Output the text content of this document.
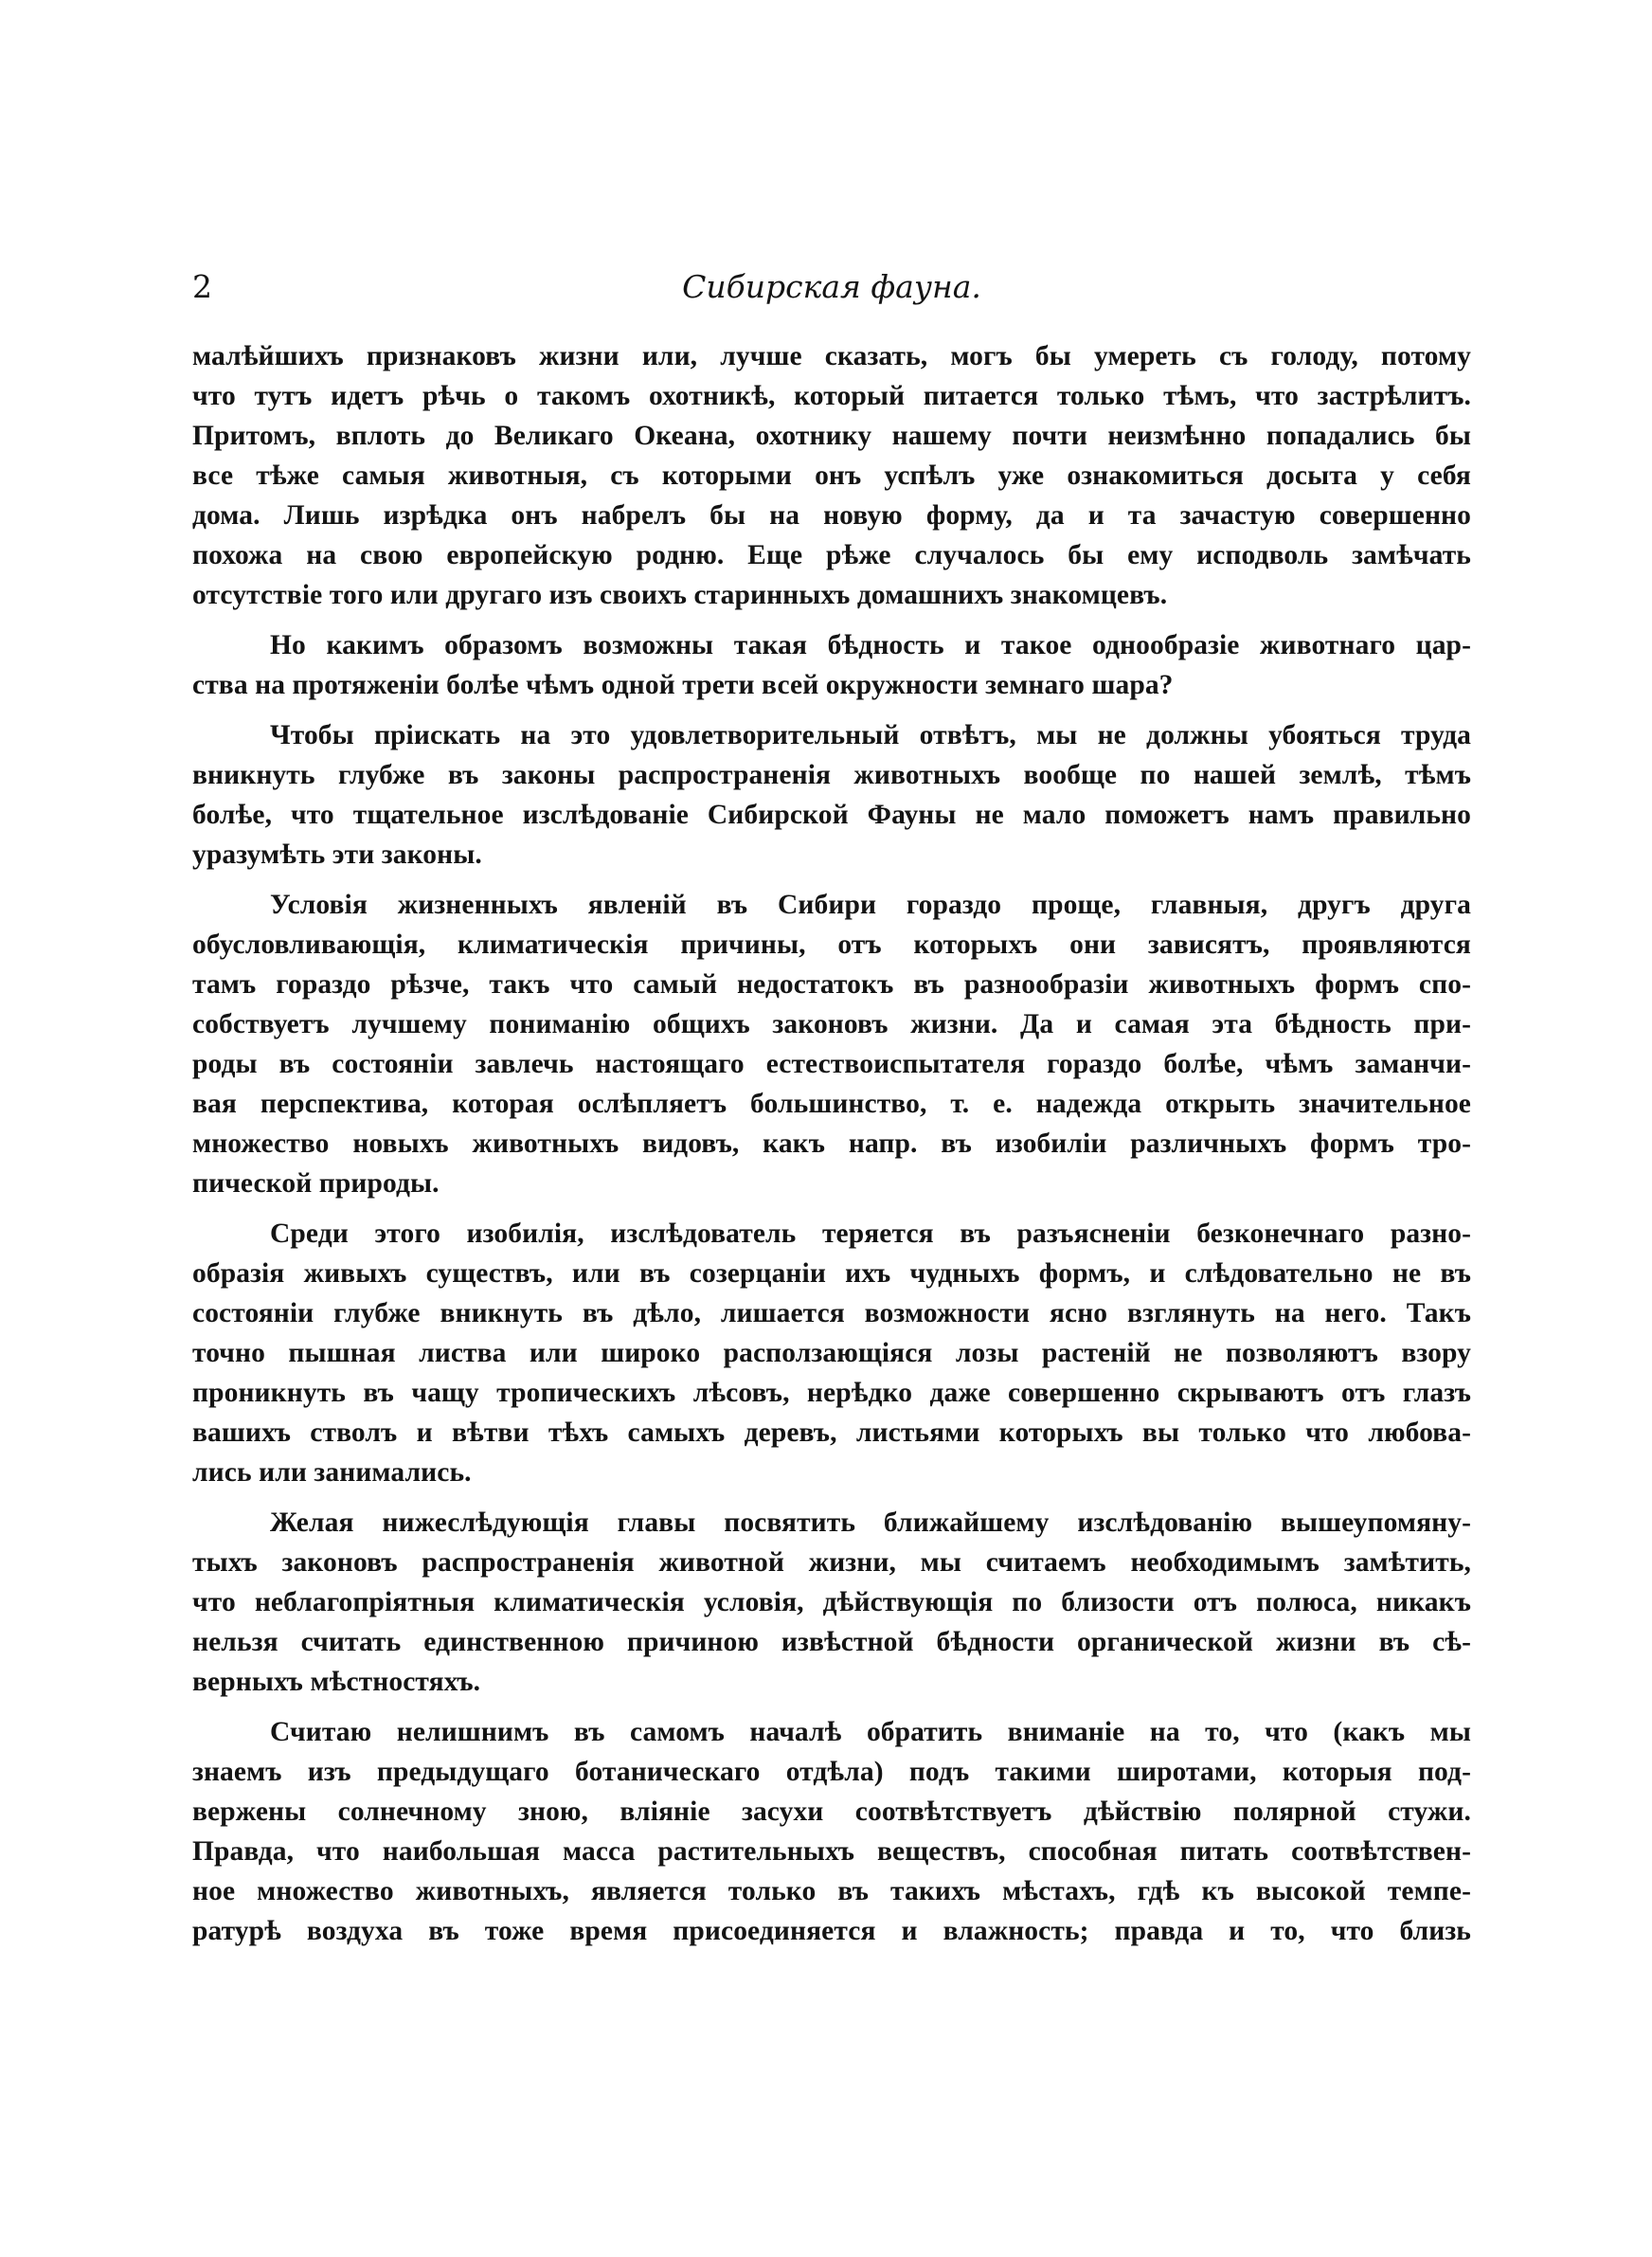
2	Сибирская фауна.
малѣйшихъ признаковъ жизни или, лучше сказать, могъ бы умереть съ голоду, потому
что тутъ идетъ рѣчь о такомъ охотникѣ, который питается только тѣмъ, что застрѣлитъ.
Притомъ, вплоть до Великаго Океана, охотнику нашему почти неизмѣнно попадались бы
все тѣже самыя животныя, съ которыми онъ успѣлъ уже ознакомиться досыта у себя
дома. Лишь изрѣдка онъ набрелъ бы на новую форму, да и та зачастую совершенно
похожа на свою европейскую родню. Еще рѣже случалось бы ему исподволь замѣчать
отсутствіе того или другаго изъ своихъ старинныхъ домашнихъ знакомцевъ.
Но какимъ образомъ возможны такая бѣдность и такое однообразіе животнаго цар-
ства на протяженіи болѣе чѣмъ одной трети всей окружности земнаго шара?
Чтобы пріискать на это удовлетворительный отвѣтъ, мы не должны убояться труда
вникнуть глубже въ законы распространенія животныхъ вообще по нашей землѣ, тѣмъ
болѣе, что тщательное изслѣдованіе Сибирской Фауны не мало поможетъ намъ правильно
уразумѣть эти законы.
Условія жизненныхъ явленій въ Сибири гораздо проще, главныя, другъ друга
обусловливающія, климатическія причины, отъ которыхъ они зависятъ, проявляются
тамъ гораздо рѣзче, такъ что самый недостатокъ въ разнообразіи животныхъ формъ спо-
собствуетъ лучшему пониманію общихъ законовъ жизни. Да и самая эта бѣдность при-
роды въ состояніи завлечь настоящаго естествоиспытателя гораздо болѣе, чѣмъ заманчи-
вая перспектива, которая ослѣпляетъ большинство, т. е. надежда открыть значительное
множество новыхъ животныхъ видовъ, какъ напр. въ изобиліи различныхъ формъ тро-
пической природы.
Среди этого изобилія, изслѣдователь теряется въ разъясненіи безконечнаго разно-
образія живыхъ существъ, или въ созерцаніи ихъ чудныхъ формъ, и слѣдовательно не въ
состояніи глубже вникнуть въ дѣло, лишается возможности ясно взглянуть на него. Такъ
точно пышная листва или широко расползающіяся лозы растеній не позволяютъ взору
проникнуть въ чащу тропическихъ лѣсовъ, нерѣдко даже совершенно скрываютъ отъ глазъ
вашихъ стволъ и вѣтви тѣхъ самыхъ деревъ, листьями которыхъ вы только что любова-
лись или занимались.
Желая нижеслѣдующія главы посвятить ближайшему изслѣдованію вышеупомяну-
тыхъ законовъ распространенія животной жизни, мы считаемъ необходимымъ замѣтить,
что неблагопріятныя климатическія условія, дѣйствующія по близости отъ полюса, никакъ
нельзя считать единственною причиною извѣстной бѣдности органической жизни въ сѣ-
верныхъ мѣстностяхъ.
Считаю нелишнимъ въ самомъ началѣ обратить вниманіе на то, что (какъ мы
знаемъ изъ предыдущаго ботаническаго отдѣла) подъ такими широтами, которыя под-
вержены солнечному зною, вліяніе засухи соотвѣтствуетъ дѣйствію полярной стужи.
Правда, что наибольшая масса растительныхъ веществъ, способная питать соотвѣтствен-
ное множество животныхъ, является только въ такихъ мѣстахъ, гдѣ къ высокой темпе-
ратурѣ воздуха въ тоже время присоединяется и влажность; правда и то, что близь
